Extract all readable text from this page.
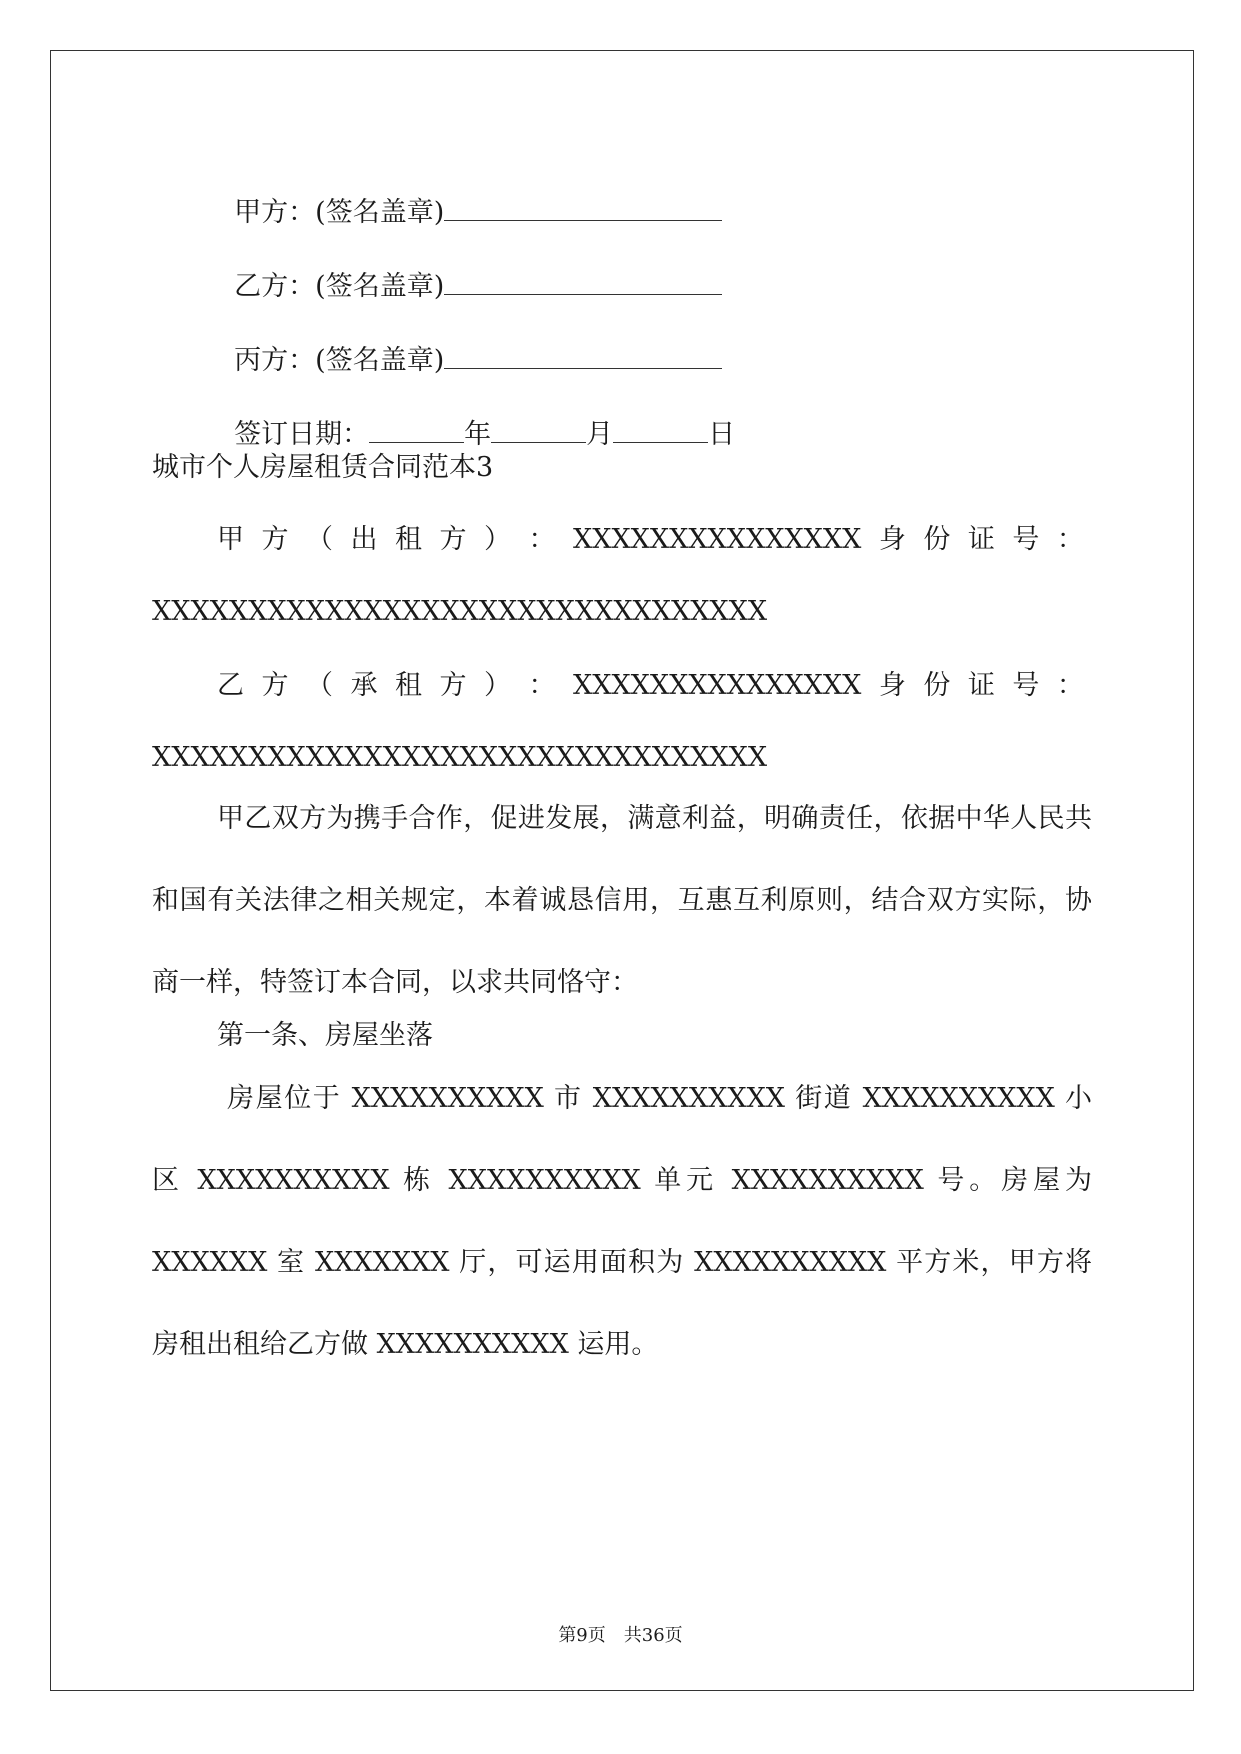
甲方：(签名盖章)

乙方：(签名盖章)

丙方：(签名盖章)

签订日期：	年	月	日

城市个人房屋租赁合同范本3
甲 方 （ 出 租 方 ） ： XXXXXXXXXXXXXXX 身 份 证 号 ：
XXXXXXXXXXXXXXXXXXXXXXXXXXXXXXXX
乙 方 （ 承 租 方 ） ： XXXXXXXXXXXXXXX 身 份 证 号 ：
XXXXXXXXXXXXXXXXXXXXXXXXXXXXXXXX
甲乙双方为携手合作，促进发展，满意利益，明确责任，依据中华人民共和国有关法律之相关规定，本着诚恳信用，互惠互利原则，结合双方实际，协商一样，特签订本合同，以求共同恪守：
第一条、房屋坐落
房屋位于 XXXXXXXXXX 市 XXXXXXXXXX 街道 XXXXXXXXXX 小区 XXXXXXXXXX 栋 XXXXXXXXXX 单元 XXXXXXXXXX 号。房屋为 XXXXXX 室 XXXXXXX 厅，可运用面积为 XXXXXXXXXX 平方米，甲方将房租出租给乙方做 XXXXXXXXXX 运用。
第9页　共36页
